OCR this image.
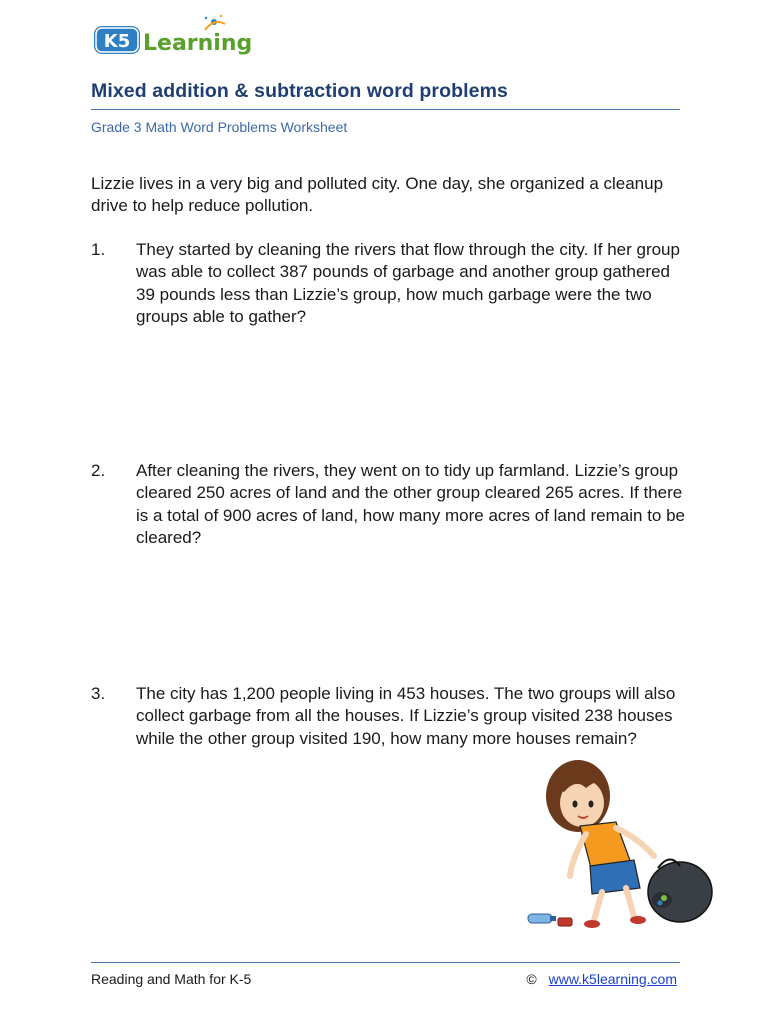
K5 Learning
Mixed addition & subtraction word problems
Grade 3 Math Word Problems Worksheet
Lizzie lives in a very big and polluted city. One day, she organized a cleanup drive to help reduce pollution.
1.	They started by cleaning the rivers that flow through the city. If her group was able to collect 387 pounds of garbage and another group gathered 39 pounds less than Lizzie’s group, how much garbage were the two groups able to gather?
2.	After cleaning the rivers, they went on to tidy up farmland. Lizzie’s group cleared 250 acres of land and the other group cleared 265 acres. If there is a total of 900 acres of land, how many more acres of land remain to be cleared?
3.	The city has 1,200 people living in 453 houses. The two groups will also collect garbage from all the houses. If Lizzie’s group visited 238 houses while the other group visited 190, how many more houses remain?
Reading and Math for K-5	© www.k5learning.com
